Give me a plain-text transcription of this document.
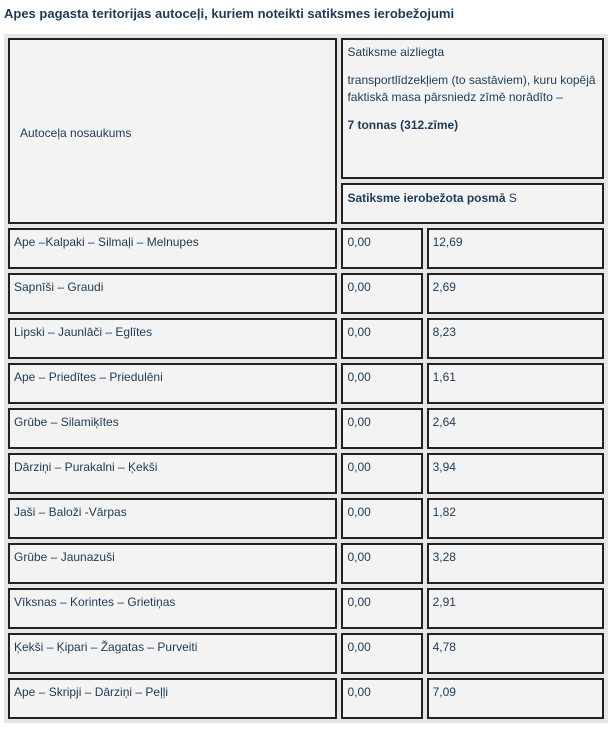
Apes pagasta teritorijas autoceļi, kuriem noteikti satiksmes ierobežojumi
Autoceļa nosaukums	Satiksme aizliegta

transportlīdzekļiem (to sastāviem), kuru kopējā faktiskā masa pārsniedz zīmē norādīto –

7 tonnas (312.zīme)	

	Satiksme ierobežota posmā S	
Ape –Kalpaki – Silmaļi – Melnupes	0,00	12,69
Sapnīši – Graudi	0,00	2,69
Lipski – Jaunlāči – Eglītes	0,00	8,23
Ape – Priedītes – Priedulēni	0,00	1,61
Grūbe – Silamiķītes	0,00	2,64
Dārziņi – Purakalni – Ķekši	0,00	3,94
Jaši – Baloži -Vārpas	0,00	1,82
Grūbe – Jaunazuši	0,00	3,28
Vīksnas – Korintes – Grietiņas	0,00	2,91
Ķekši – Ķipari – Žagatas – Purveiti	0,00	4,78
Ape – Skripji – Dārziņi – Peļļi	0,00	7,09
